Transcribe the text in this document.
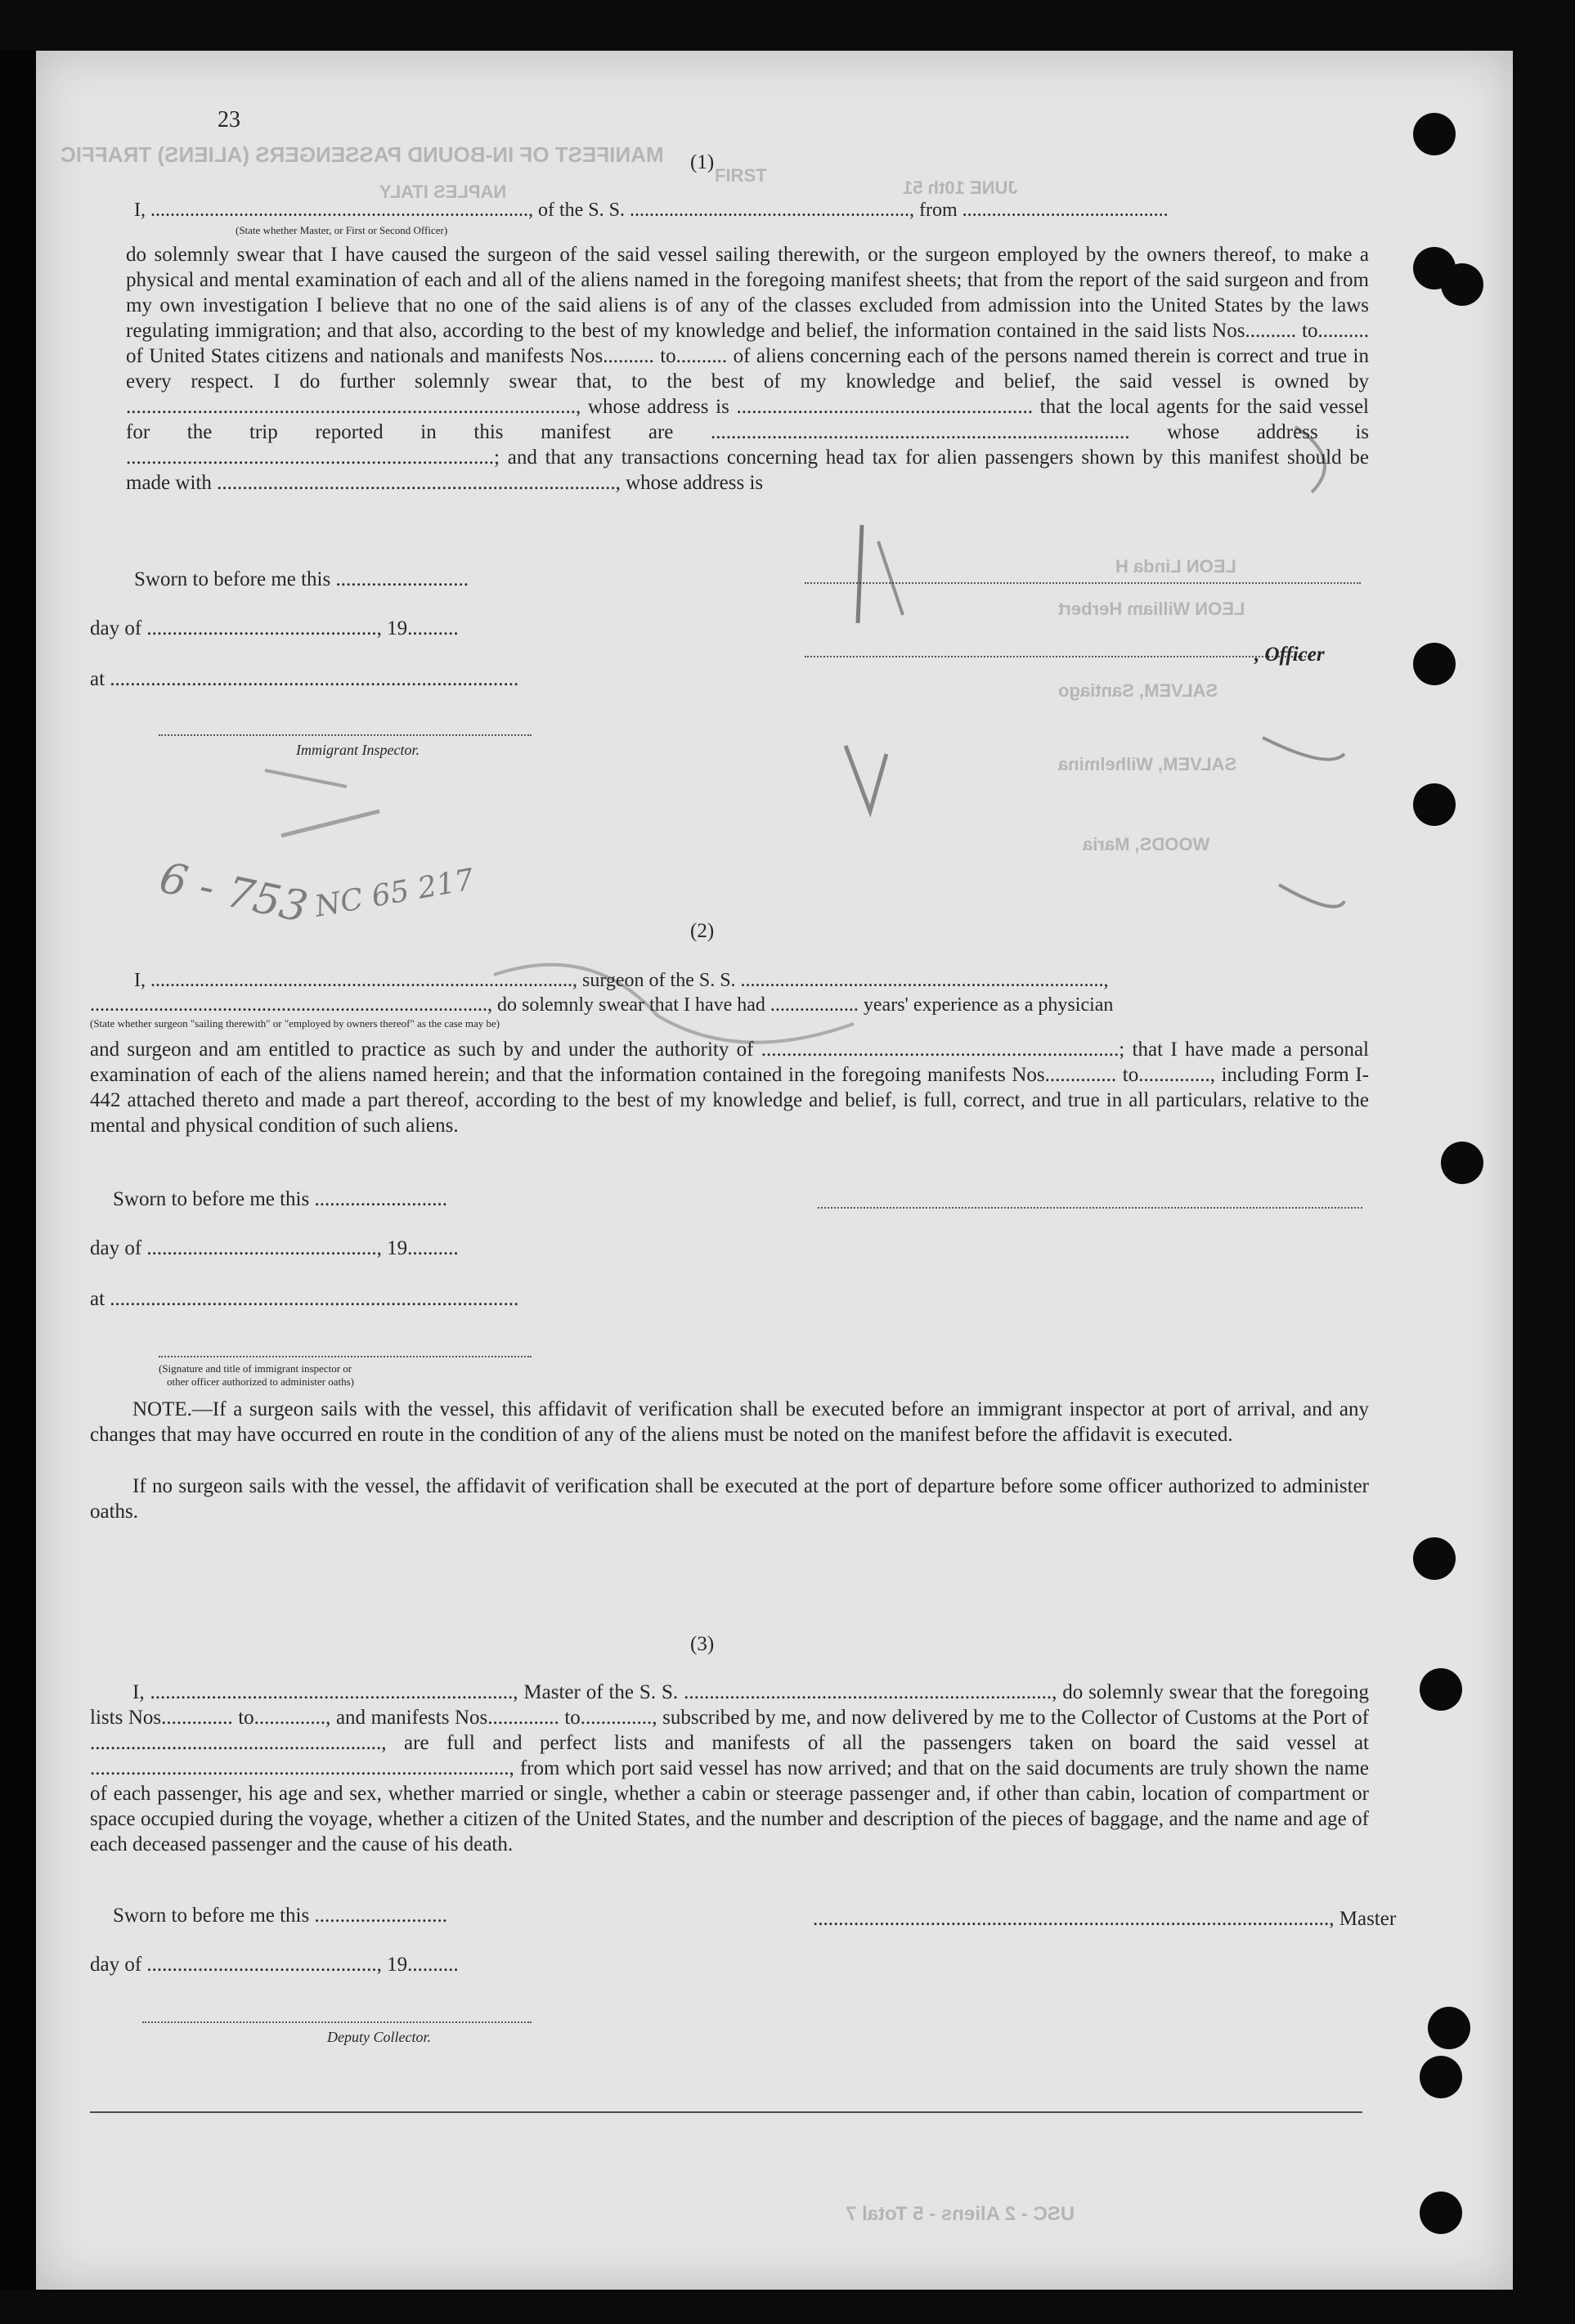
MANIFEST OF IN-BOUND PASSENGERS (ALIENS) TRAFFIC
FIRST
NAPLES ITALY	JUNE 10th 51
LEON Linda H
LEON William Herbert
SALVEM, Santiago
SALVEM, Wilhelmina
WOODS, Maria
USC - 2 Aliens - 5 Total 7
23
(1)
I, ............................................................................., of the S. S. ........................................................., from ..........................................
(State whether Master, or First or Second Officer)
do solemnly swear that I have caused the surgeon of the said vessel sailing therewith, or the surgeon employed by the owners thereof, to make a physical and mental examination of each and all of the aliens named in the foregoing manifest sheets; that from the report of the said surgeon and from my own investigation I believe that no one of the said aliens is of any of the classes excluded from admission into the United States by the laws regulating immigration; and that also, according to the best of my knowledge and belief, the information contained in the said lists Nos.......... to.......... of United States citizens and nationals and manifests Nos.......... to.......... of aliens concerning each of the persons named therein is correct and true in every respect. I do further solemnly swear that, to the best of my knowledge and belief, the said vessel is owned by ........................................................................................, whose address is .......................................................... that the local agents for the said vessel for the trip reported in this manifest are .................................................................................. whose address is ........................................................................; and that any transactions concerning head tax for alien passengers shown by this manifest should be made with .............................................................................., whose address is
Sworn to before me this ..........................
day of ............................................., 19..........
at ................................................................................
Immigrant Inspector.
, Officer
6 - 753 NC 65 217
(2)
I, ......................................................................................, surgeon of the S. S. ..........................................................................,
................................................................................., do solemnly swear that I have had .................. years' experience as a physician
(State whether surgeon "sailing therewith" or "employed by owners thereof" as the case may be)
and surgeon and am entitled to practice as such by and under the authority of ......................................................................; that I have made a personal examination of each of the aliens named herein; and that the information contained in the foregoing manifests Nos.............. to.............., including Form I-442 attached thereto and made a part thereof, according to the best of my knowledge and belief, is full, correct, and true in all particulars, relative to the mental and physical condition of such aliens.
Sworn to before me this ..........................
day of ............................................., 19..........
at ................................................................................
(Signature and title of immigrant inspector or
other officer authorized to administer oaths)
NOTE.—If a surgeon sails with the vessel, this affidavit of verification shall be executed before an immigrant inspector at port of arrival, and any changes that may have occurred en route in the condition of any of the aliens must be noted on the manifest before the affidavit is executed.
If no surgeon sails with the vessel, the affidavit of verification shall be executed at the port of departure before some officer authorized to administer oaths.
(3)
I, ......................................................................., Master of the S. S. ........................................................................, do solemnly swear that the foregoing lists Nos.............. to.............., and manifests Nos.............. to.............., subscribed by me, and now delivered by me to the Collector of Customs at the Port of ........................................................., are full and perfect lists and manifests of all the passengers taken on board the said vessel at .................................................................................., from which port said vessel has now arrived; and that on the said documents are truly shown the name of each passenger, his age and sex, whether married or single, whether a cabin or steerage passenger and, if other than cabin, location of compartment or space occupied during the voyage, whether a citizen of the United States, and the number and description of the pieces of baggage, and the name and age of each deceased passenger and the cause of his death.
Sworn to before me this ..........................	....................................................................................................., Master
day of ............................................., 19..........
Deputy Collector.
